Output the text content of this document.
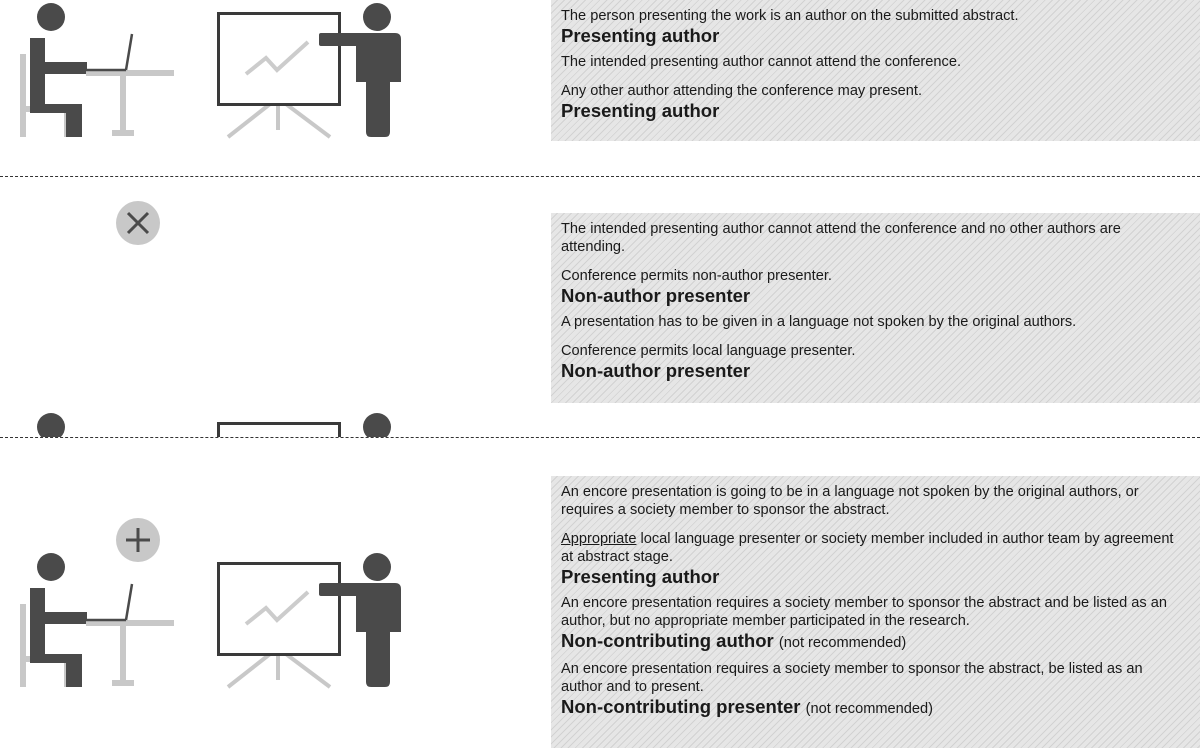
The person presenting the work is an author on the submitted abstract.
Presenting author
The intended presenting author cannot attend the conference.
Any other author attending the conference may present.
Presenting author
The intended presenting author cannot attend the conference and no other authors are attending.
Conference permits non-author presenter.
Non-author presenter
A presentation has to be given in a language not spoken by the original authors.
Conference permits local language presenter.
Non-author presenter
An encore presentation is going to be in a language not spoken by the original authors, or requires a society member to sponsor the abstract.
Appropriate local language presenter or society member included in author team by agreement at abstract stage.
Presenting author
An encore presentation requires a society member to sponsor the abstract and be listed as an author, but no appropriate member participated in the research.
Non-contributing author (not recommended)
An encore presentation requires a society member to sponsor the abstract, be listed as an author and to present.
Non-contributing presenter (not recommended)
